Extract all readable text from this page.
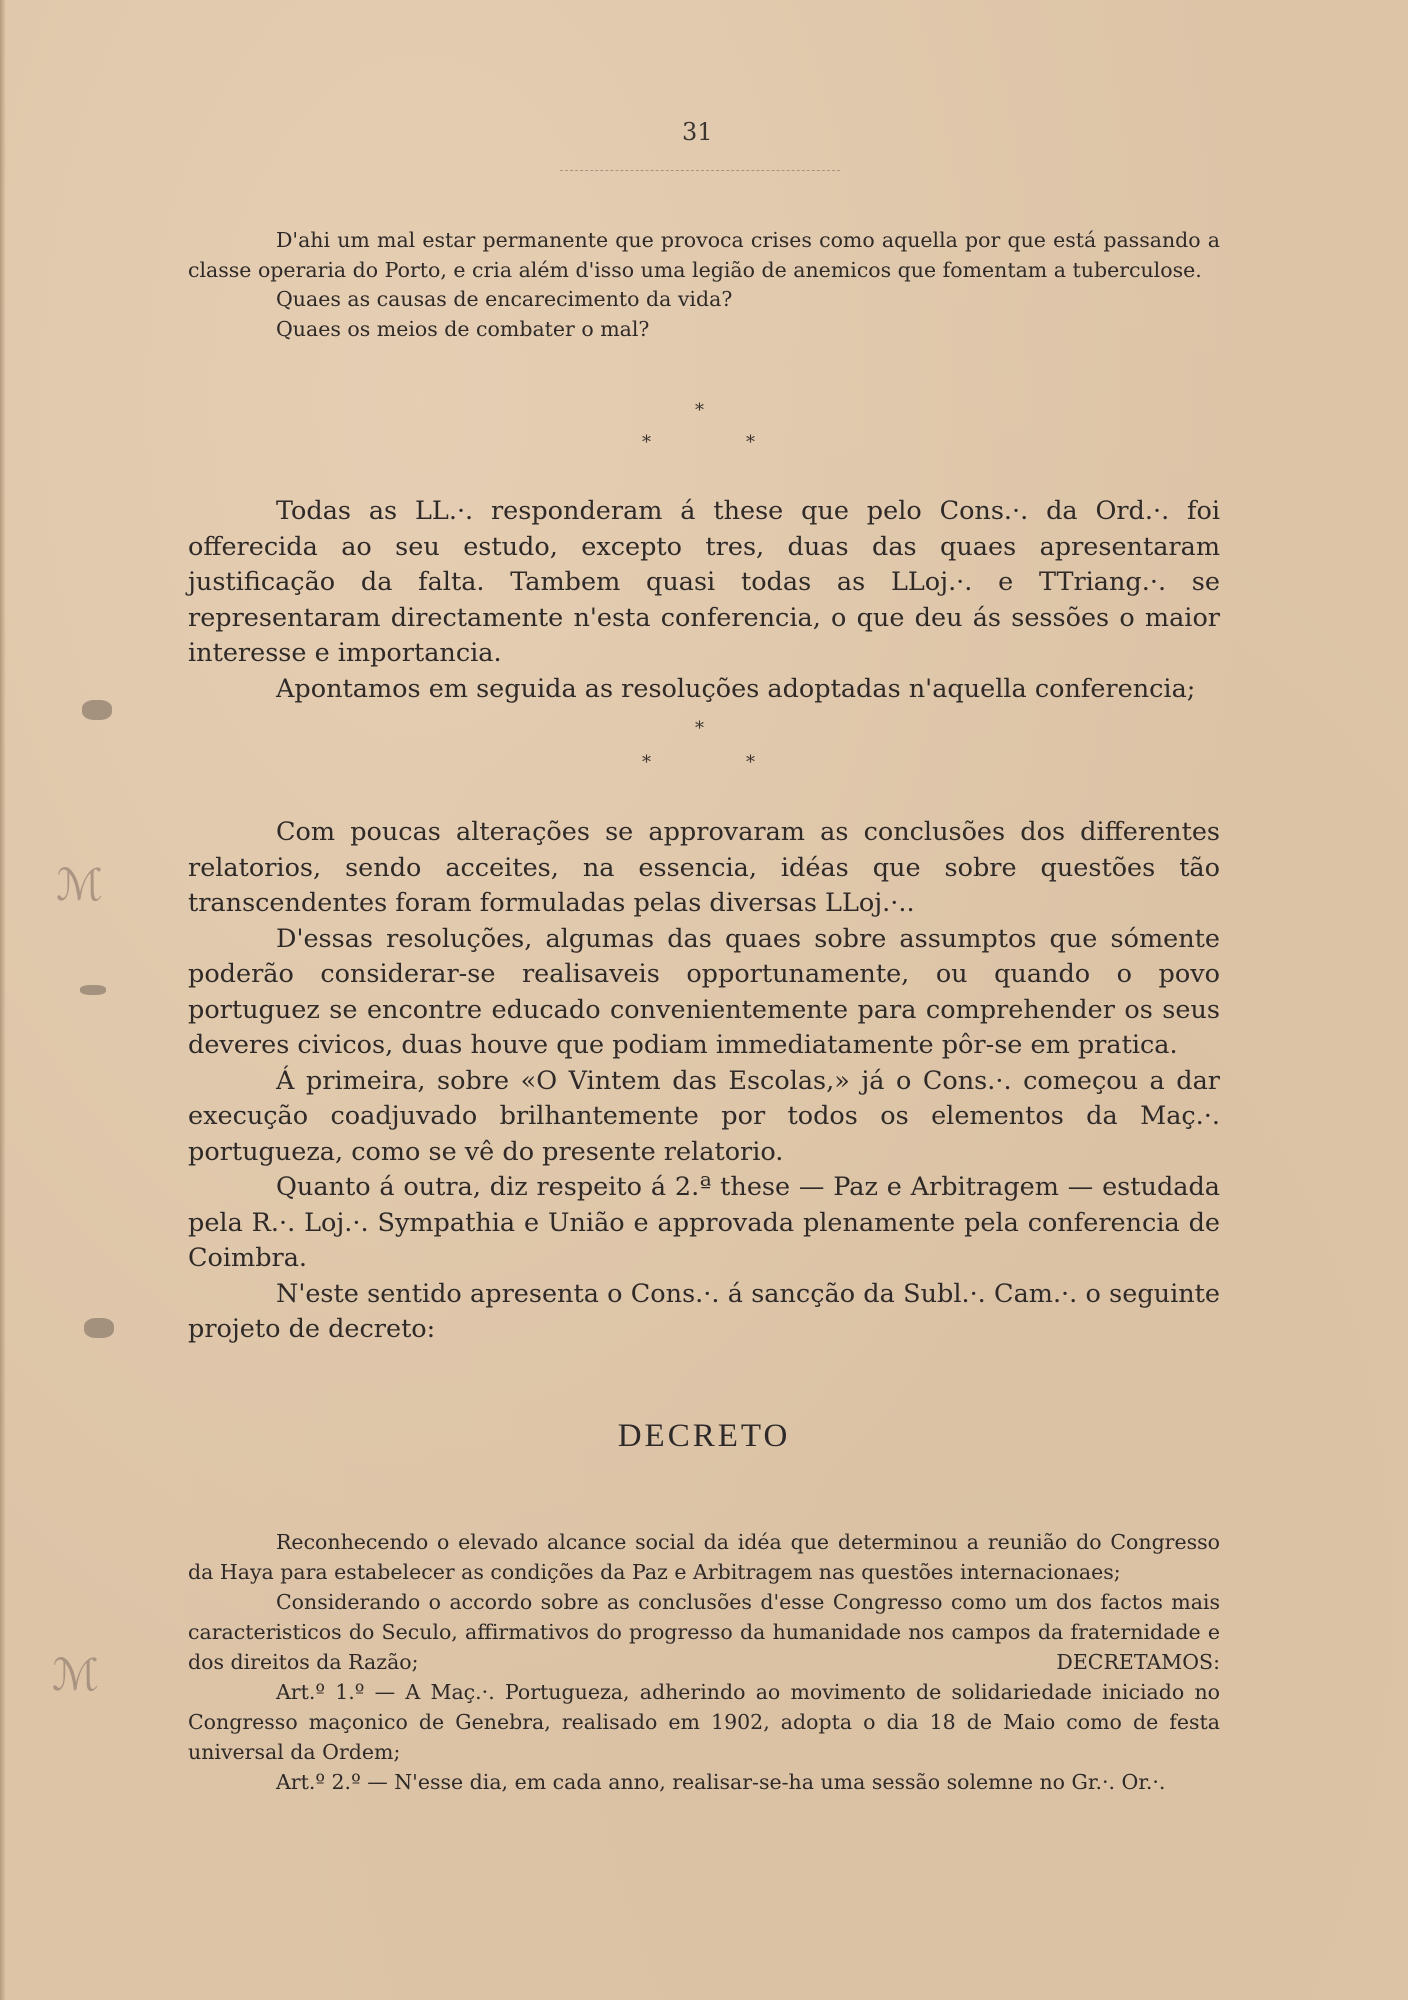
31

D'ahi um mal estar permanente que provoca crises como aquella por que está passando a classe operaria do Porto, e cria além d'isso uma legião de anemicos que fomentam a tuberculose.

Quaes as causas de encarecimento da vida?

Quaes os meios de combater o mal?

*
*	*

Todas as LL.·. responderam á these que pelo Cons.·. da Ord.·. foi offerecida ao seu estudo, excepto tres, duas das quaes apresentaram justificação da falta. Tambem quasi todas as LLoj.·. e TTriang.·. se representaram directamente n'esta conferencia, o que deu ás sessões o maior interesse e importancia.

Apontamos em seguida as resoluções adoptadas n'aquella conferencia;

*
*	*

Com poucas alterações se approvaram as conclusões dos differentes relatorios, sendo acceites, na essencia, idéas que sobre questões tão transcendentes foram formuladas pelas diversas LLoj.·..

D'essas resoluções, algumas das quaes sobre assumptos que sómente poderão considerar-se realisaveis opportunamente, ou quando o povo portuguez se encontre educado convenientemente para comprehender os seus deveres civicos, duas houve que podiam immediatamente pôr-se em pratica.

Á primeira, sobre «O Vintem das Escolas,» já o Cons.·. começou a dar execução coadjuvado brilhantemente por todos os elementos da Maç.·. portugueza, como se vê do presente relatorio.

Quanto á outra, diz respeito á 2.ª these — Paz e Arbitragem — estudada pela R.·. Loj.·. Sympathia e União e approvada plenamente pela conferencia de Coimbra.

N'este sentido apresenta o Cons.·. á sancção da Subl.·. Cam.·. o seguinte projeto de decreto:

DECRETO

Reconhecendo o elevado alcance social da idéa que determinou a reunião do Congresso da Haya para estabelecer as condições da Paz e Arbitragem nas questões internacionaes;

Considerando o accordo sobre as conclusões d'esse Congresso como um dos factos mais caracteristicos do Seculo, affirmativos do progresso da humanidade nos campos da fraternidade e dos direitos da Razão;	DECRETAMOS:

Art.º 1.º — A Maç.·. Portugueza, adherindo ao movimento de solidariedade iniciado no Congresso maçonico de Genebra, realisado em 1902, adopta o dia 18 de Maio como de festa universal da Ordem;

Art.º 2.º — N'esse dia, em cada anno, realisar-se-ha uma sessão solemne no Gr.·. Or.·.

ℳ
ℳ
